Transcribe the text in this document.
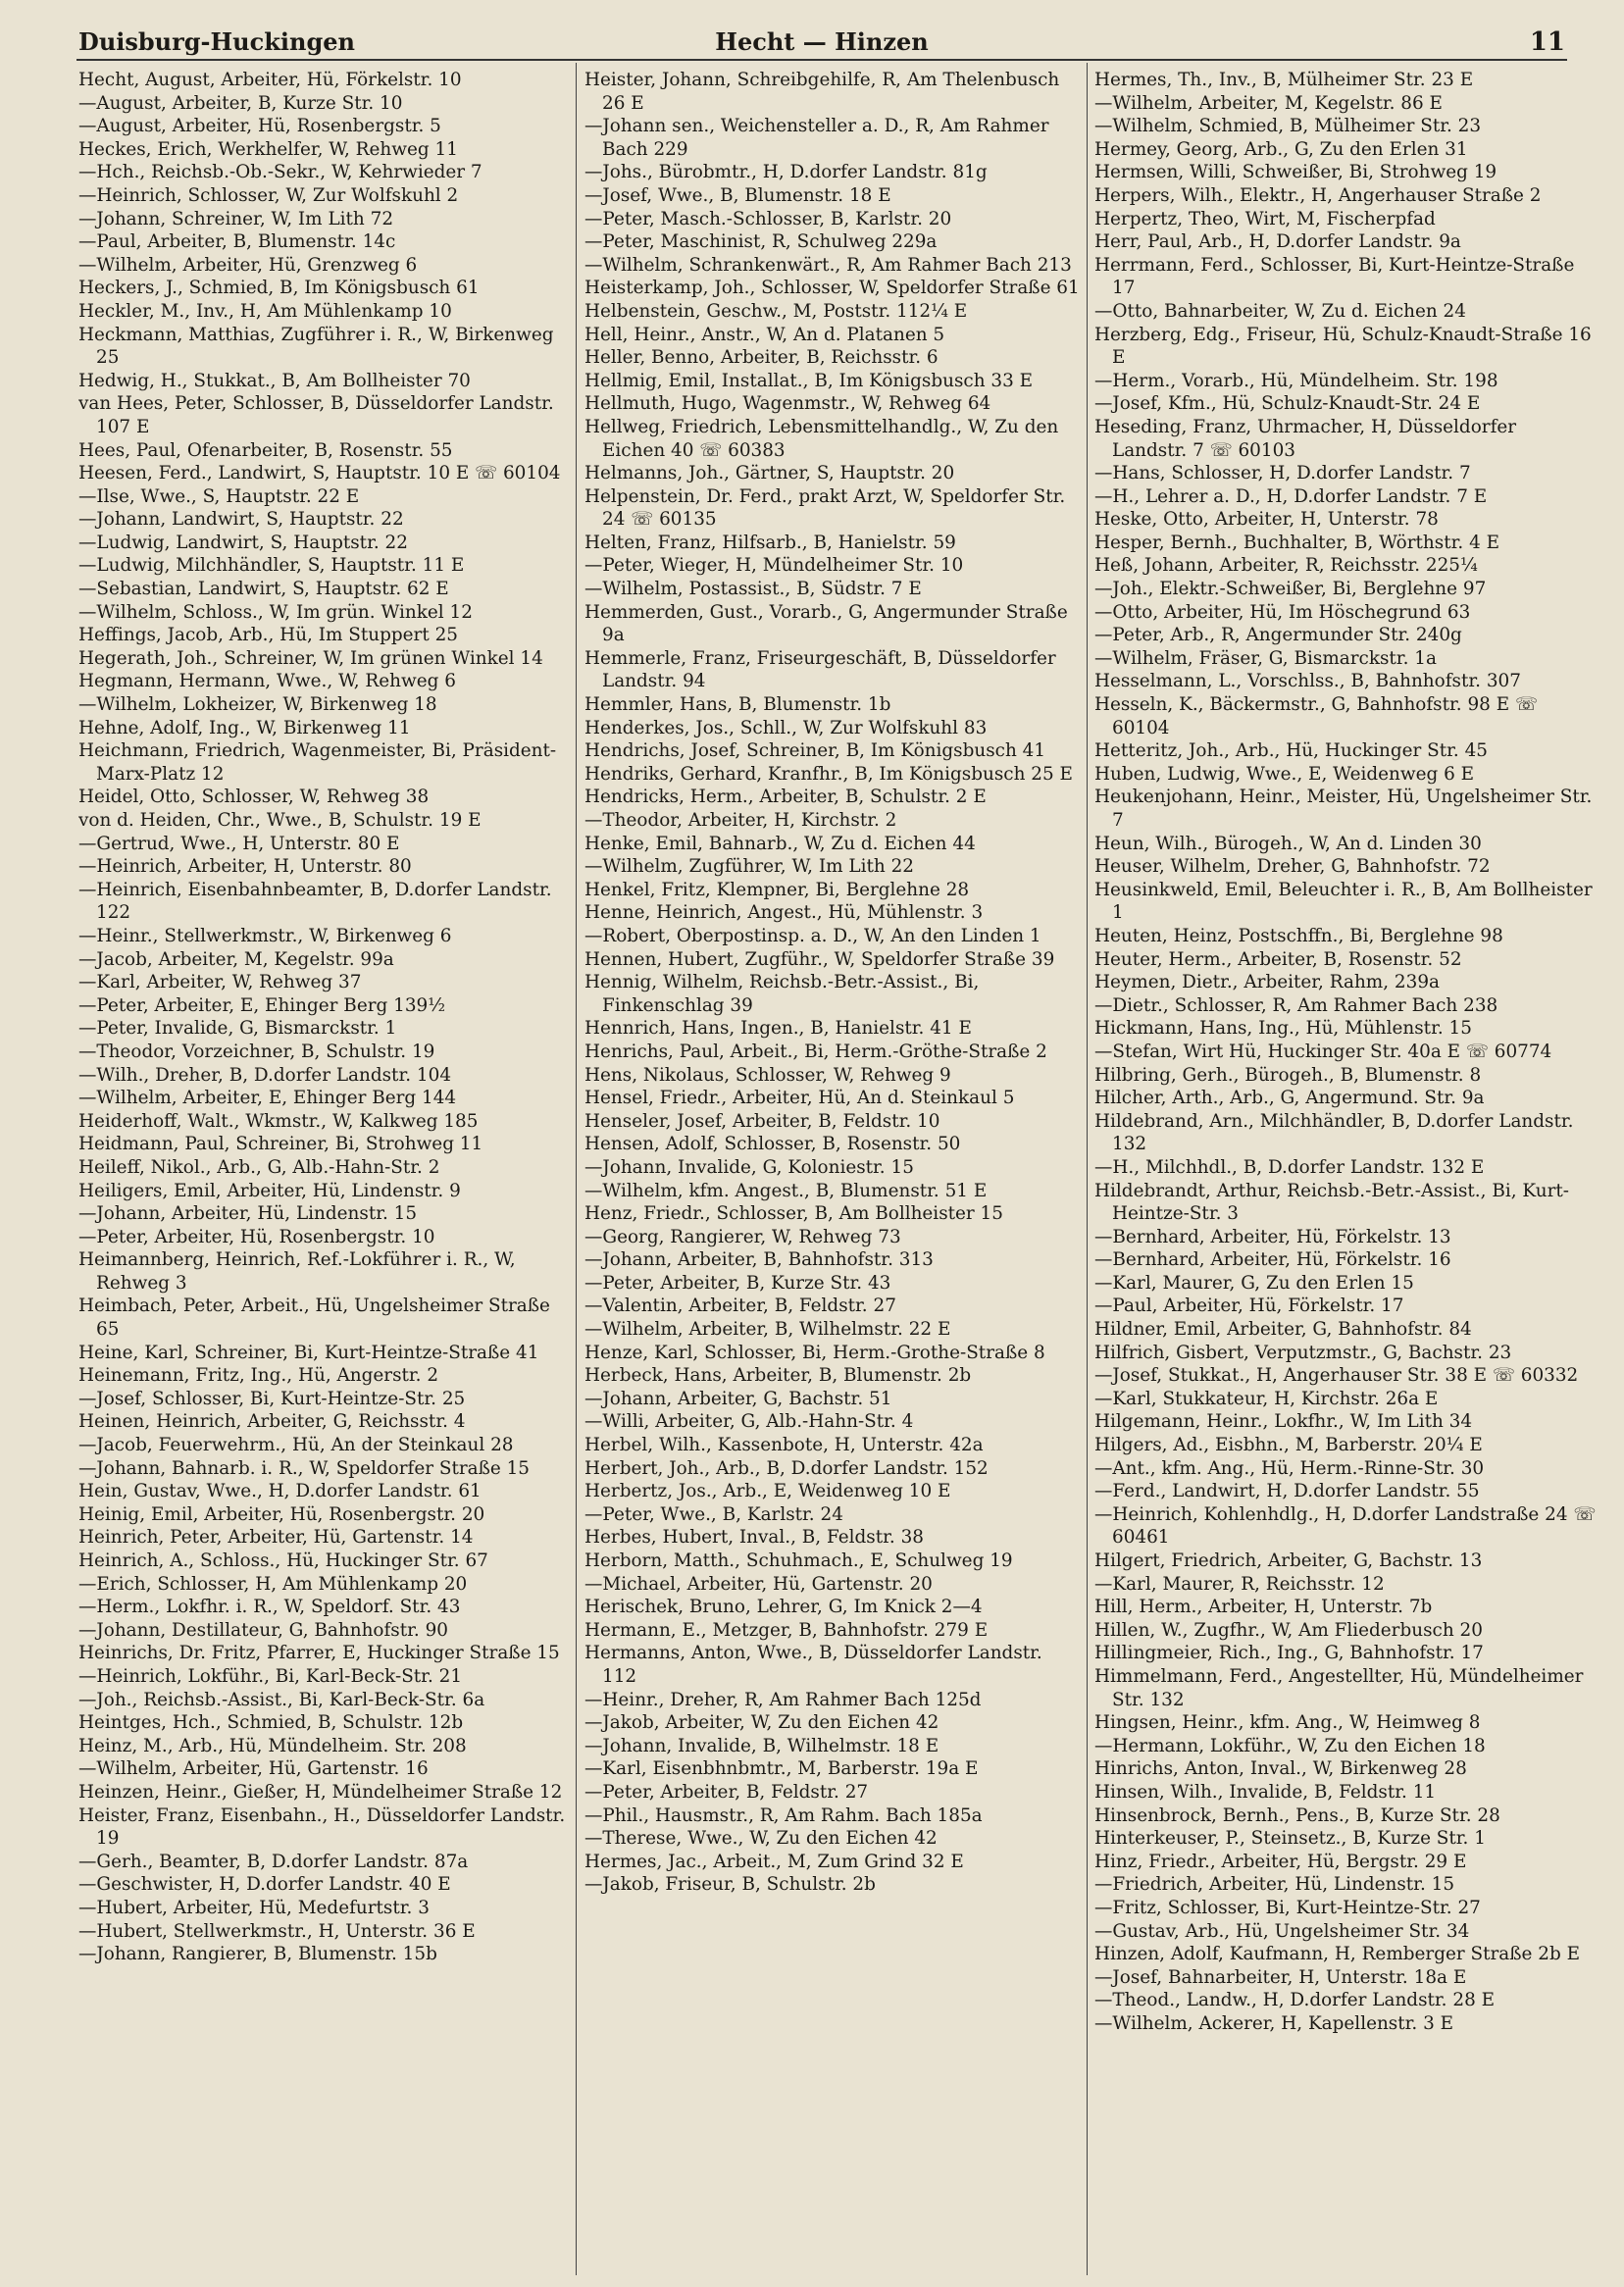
Duisburg-Huckingen	Hecht — Hinzen	11

Hecht, August, Arbeiter, Hü, Förkelstr. 10

—August, Arbeiter, B, Kurze Str. 10

—August, Arbeiter, Hü, Rosenbergstr. 5

Heckes, Erich, Werkhelfer, W, Rehweg 11

—Hch., Reichsb.-Ob.-Sekr., W, Kehrwieder 7

—Heinrich, Schlosser, W, Zur Wolfskuhl 2

—Johann, Schreiner, W, Im Lith 72

—Paul, Arbeiter, B, Blumenstr. 14c

—Wilhelm, Arbeiter, Hü, Grenzweg 6

Heckers, J., Schmied, B, Im Königsbusch 61

Heckler, M., Inv., H, Am Mühlenkamp 10

Heckmann, Matthias, Zugführer i. R., W, Birkenweg 25

Hedwig, H., Stukkat., B, Am Bollheister 70

van Hees, Peter, Schlosser, B, Düsseldorfer Landstr. 107 E

Hees, Paul, Ofenarbeiter, B, Rosenstr. 55

Heesen, Ferd., Landwirt, S, Hauptstr. 10 E ☏ 60104

—Ilse, Wwe., S, Hauptstr. 22 E

—Johann, Landwirt, S, Hauptstr. 22

—Ludwig, Landwirt, S, Hauptstr. 22

—Ludwig, Milchhändler, S, Hauptstr. 11 E

—Sebastian, Landwirt, S, Hauptstr. 62 E

—Wilhelm, Schloss., W, Im grün. Winkel 12

Heffings, Jacob, Arb., Hü, Im Stuppert 25

Hegerath, Joh., Schreiner, W, Im grünen Winkel 14

Hegmann, Hermann, Wwe., W, Rehweg 6

—Wilhelm, Lokheizer, W, Birkenweg 18

Hehne, Adolf, Ing., W, Birkenweg 11

Heichmann, Friedrich, Wagenmeister, Bi, Präsident-Marx-Platz 12

Heidel, Otto, Schlosser, W, Rehweg 38

von d. Heiden, Chr., Wwe., B, Schulstr. 19 E

—Gertrud, Wwe., H, Unterstr. 80 E

—Heinrich, Arbeiter, H, Unterstr. 80

—Heinrich, Eisenbahnbeamter, B, D.dorfer Landstr. 122

—Heinr., Stellwerkmstr., W, Birkenweg 6

—Jacob, Arbeiter, M, Kegelstr. 99a

—Karl, Arbeiter, W, Rehweg 37

—Peter, Arbeiter, E, Ehinger Berg 139½

—Peter, Invalide, G, Bismarckstr. 1

—Theodor, Vorzeichner, B, Schulstr. 19

—Wilh., Dreher, B, D.dorfer Landstr. 104

—Wilhelm, Arbeiter, E, Ehinger Berg 144

Heiderhoff, Walt., Wkmstr., W, Kalkweg 185

Heidmann, Paul, Schreiner, Bi, Strohweg 11

Heileff, Nikol., Arb., G, Alb.-Hahn-Str. 2

Heiligers, Emil, Arbeiter, Hü, Lindenstr. 9

—Johann, Arbeiter, Hü, Lindenstr. 15

—Peter, Arbeiter, Hü, Rosenbergstr. 10

Heimannberg, Heinrich, Ref.-Lokführer i. R., W, Rehweg 3

Heimbach, Peter, Arbeit., Hü, Ungelsheimer Straße 65

Heine, Karl, Schreiner, Bi, Kurt-Heintze-Straße 41

Heinemann, Fritz, Ing., Hü, Angerstr. 2

—Josef, Schlosser, Bi, Kurt-Heintze-Str. 25

Heinen, Heinrich, Arbeiter, G, Reichsstr. 4

—Jacob, Feuerwehrm., Hü, An der Steinkaul 28

—Johann, Bahnarb. i. R., W, Speldorfer Straße 15

Hein, Gustav, Wwe., H, D.dorfer Landstr. 61

Heinig, Emil, Arbeiter, Hü, Rosenbergstr. 20

Heinrich, Peter, Arbeiter, Hü, Gartenstr. 14

Heinrich, A., Schloss., Hü, Huckinger Str. 67

—Erich, Schlosser, H, Am Mühlenkamp 20

—Herm., Lokfhr. i. R., W, Speldorf. Str. 43

—Johann, Destillateur, G, Bahnhofstr. 90

Heinrichs, Dr. Fritz, Pfarrer, E, Huckinger Straße 15

—Heinrich, Lokführ., Bi, Karl-Beck-Str. 21

—Joh., Reichsb.-Assist., Bi, Karl-Beck-Str. 6a

Heintges, Hch., Schmied, B, Schulstr. 12b

Heinz, M., Arb., Hü, Mündelheim. Str. 208

—Wilhelm, Arbeiter, Hü, Gartenstr. 16

Heinzen, Heinr., Gießer, H, Mündelheimer Straße 12

Heister, Franz, Eisenbahn., H., Düsseldorfer Landstr. 19

—Gerh., Beamter, B, D.dorfer Landstr. 87a

—Geschwister, H, D.dorfer Landstr. 40 E

—Hubert, Arbeiter, Hü, Medefurtstr. 3

—Hubert, Stellwerkmstr., H, Unterstr. 36 E

—Johann, Rangierer, B, Blumenstr. 15b

Heister, Johann, Schreibgehilfe, R, Am Thelenbusch 26 E

—Johann sen., Weichensteller a. D., R, Am Rahmer Bach 229

—Johs., Bürobmtr., H, D.dorfer Landstr. 81g

—Josef, Wwe., B, Blumenstr. 18 E

—Peter, Masch.-Schlosser, B, Karlstr. 20

—Peter, Maschinist, R, Schulweg 229a

—Wilhelm, Schrankenwärt., R, Am Rahmer Bach 213

Heisterkamp, Joh., Schlosser, W, Speldorfer Straße 61

Helbenstein, Geschw., M, Poststr. 112¼ E

Hell, Heinr., Anstr., W, An d. Platanen 5

Heller, Benno, Arbeiter, B, Reichsstr. 6

Hellmig, Emil, Installat., B, Im Königsbusch 33 E

Hellmuth, Hugo, Wagenmstr., W, Rehweg 64

Hellweg, Friedrich, Lebensmittelhandlg., W, Zu den Eichen 40 ☏ 60383

Helmanns, Joh., Gärtner, S, Hauptstr. 20

Helpenstein, Dr. Ferd., prakt Arzt, W, Speldorfer Str. 24 ☏ 60135

Helten, Franz, Hilfsarb., B, Hanielstr. 59

—Peter, Wieger, H, Mündelheimer Str. 10

—Wilhelm, Postassist., B, Südstr. 7 E

Hemmerden, Gust., Vorarb., G, Angermunder Straße 9a

Hemmerle, Franz, Friseurgeschäft, B, Düsseldorfer Landstr. 94

Hemmler, Hans, B, Blumenstr. 1b

Henderkes, Jos., Schll., W, Zur Wolfskuhl 83

Hendrichs, Josef, Schreiner, B, Im Königsbusch 41

Hendriks, Gerhard, Kranfhr., B, Im Königsbusch 25 E

Hendricks, Herm., Arbeiter, B, Schulstr. 2 E

—Theodor, Arbeiter, H, Kirchstr. 2

Henke, Emil, Bahnarb., W, Zu d. Eichen 44

—Wilhelm, Zugführer, W, Im Lith 22

Henkel, Fritz, Klempner, Bi, Berglehne 28

Henne, Heinrich, Angest., Hü, Mühlenstr. 3

—Robert, Oberpostinsp. a. D., W, An den Linden 1

Hennen, Hubert, Zugführ., W, Speldorfer Straße 39

Hennig, Wilhelm, Reichsb.-Betr.-Assist., Bi, Finkenschlag 39

Hennrich, Hans, Ingen., B, Hanielstr. 41 E

Henrichs, Paul, Arbeit., Bi, Herm.-Gröthe-Straße 2

Hens, Nikolaus, Schlosser, W, Rehweg 9

Hensel, Friedr., Arbeiter, Hü, An d. Steinkaul 5

Henseler, Josef, Arbeiter, B, Feldstr. 10

Hensen, Adolf, Schlosser, B, Rosenstr. 50

—Johann, Invalide, G, Koloniestr. 15

—Wilhelm, kfm. Angest., B, Blumenstr. 51 E

Henz, Friedr., Schlosser, B, Am Bollheister 15

—Georg, Rangierer, W, Rehweg 73

—Johann, Arbeiter, B, Bahnhofstr. 313

—Peter, Arbeiter, B, Kurze Str. 43

—Valentin, Arbeiter, B, Feldstr. 27

—Wilhelm, Arbeiter, B, Wilhelmstr. 22 E

Henze, Karl, Schlosser, Bi, Herm.-Grothe-Straße 8

Herbeck, Hans, Arbeiter, B, Blumenstr. 2b

—Johann, Arbeiter, G, Bachstr. 51

—Willi, Arbeiter, G, Alb.-Hahn-Str. 4

Herbel, Wilh., Kassenbote, H, Unterstr. 42a

Herbert, Joh., Arb., B, D.dorfer Landstr. 152

Herbertz, Jos., Arb., E, Weidenweg 10 E

—Peter, Wwe., B, Karlstr. 24

Herbes, Hubert, Inval., B, Feldstr. 38

Herborn, Matth., Schuhmach., E, Schulweg 19

—Michael, Arbeiter, Hü, Gartenstr. 20

Herischek, Bruno, Lehrer, G, Im Knick 2—4

Hermann, E., Metzger, B, Bahnhofstr. 279 E

Hermanns, Anton, Wwe., B, Düsseldorfer Landstr. 112

—Heinr., Dreher, R, Am Rahmer Bach 125d

—Jakob, Arbeiter, W, Zu den Eichen 42

—Johann, Invalide, B, Wilhelmstr. 18 E

—Karl, Eisenbhnbmtr., M, Barberstr. 19a E

—Peter, Arbeiter, B, Feldstr. 27

—Phil., Hausmstr., R, Am Rahm. Bach 185a

—Therese, Wwe., W, Zu den Eichen 42

Hermes, Jac., Arbeit., M, Zum Grind 32 E

—Jakob, Friseur, B, Schulstr. 2b

Hermes, Th., Inv., B, Mülheimer Str. 23 E

—Wilhelm, Arbeiter, M, Kegelstr. 86 E

—Wilhelm, Schmied, B, Mülheimer Str. 23

Hermey, Georg, Arb., G, Zu den Erlen 31

Hermsen, Willi, Schweißer, Bi, Strohweg 19

Herpers, Wilh., Elektr., H, Angerhauser Straße 2

Herpertz, Theo, Wirt, M, Fischerpfad

Herr, Paul, Arb., H, D.dorfer Landstr. 9a

Herrmann, Ferd., Schlosser, Bi, Kurt-Heintze-Straße 17

—Otto, Bahnarbeiter, W, Zu d. Eichen 24

Herzberg, Edg., Friseur, Hü, Schulz-Knaudt-Straße 16 E

—Herm., Vorarb., Hü, Mündelheim. Str. 198

—Josef, Kfm., Hü, Schulz-Knaudt-Str. 24 E

Heseding, Franz, Uhrmacher, H, Düsseldorfer Landstr. 7 ☏ 60103

—Hans, Schlosser, H, D.dorfer Landstr. 7

—H., Lehrer a. D., H, D.dorfer Landstr. 7 E

Heske, Otto, Arbeiter, H, Unterstr. 78

Hesper, Bernh., Buchhalter, B, Wörthstr. 4 E

Heß, Johann, Arbeiter, R, Reichsstr. 225¼

—Joh., Elektr.-Schweißer, Bi, Berglehne 97

—Otto, Arbeiter, Hü, Im Höschegrund 63

—Peter, Arb., R, Angermunder Str. 240g

—Wilhelm, Fräser, G, Bismarckstr. 1a

Hesselmann, L., Vorschlss., B, Bahnhofstr. 307

Hesseln, K., Bäckermstr., G, Bahnhofstr. 98 E ☏ 60104

Hetteritz, Joh., Arb., Hü, Huckinger Str. 45

Huben, Ludwig, Wwe., E, Weidenweg 6 E

Heukenjohann, Heinr., Meister, Hü, Ungelsheimer Str. 7

Heun, Wilh., Bürogeh., W, An d. Linden 30

Heuser, Wilhelm, Dreher, G, Bahnhofstr. 72

Heusinkweld, Emil, Beleuchter i. R., B, Am Bollheister 1

Heuten, Heinz, Postschffn., Bi, Berglehne 98

Heuter, Herm., Arbeiter, B, Rosenstr. 52

Heymen, Dietr., Arbeiter, Rahm, 239a

—Dietr., Schlosser, R, Am Rahmer Bach 238

Hickmann, Hans, Ing., Hü, Mühlenstr. 15

—Stefan, Wirt Hü, Huckinger Str. 40a E ☏ 60774

Hilbring, Gerh., Bürogeh., B, Blumenstr. 8

Hilcher, Arth., Arb., G, Angermund. Str. 9a

Hildebrand, Arn., Milchhändler, B, D.dorfer Landstr. 132

—H., Milchhdl., B, D.dorfer Landstr. 132 E

Hildebrandt, Arthur, Reichsb.-Betr.-Assist., Bi, Kurt-Heintze-Str. 3

—Bernhard, Arbeiter, Hü, Förkelstr. 13

—Bernhard, Arbeiter, Hü, Förkelstr. 16

—Karl, Maurer, G, Zu den Erlen 15

—Paul, Arbeiter, Hü, Förkelstr. 17

Hildner, Emil, Arbeiter, G, Bahnhofstr. 84

Hilfrich, Gisbert, Verputzmstr., G, Bachstr. 23

—Josef, Stukkat., H, Angerhauser Str. 38 E ☏ 60332

—Karl, Stukkateur, H, Kirchstr. 26a E

Hilgemann, Heinr., Lokfhr., W, Im Lith 34

Hilgers, Ad., Eisbhn., M, Barberstr. 20¼ E

—Ant., kfm. Ang., Hü, Herm.-Rinne-Str. 30

—Ferd., Landwirt, H, D.dorfer Landstr. 55

—Heinrich, Kohlenhdlg., H, D.dorfer Landstraße 24 ☏ 60461

Hilgert, Friedrich, Arbeiter, G, Bachstr. 13

—Karl, Maurer, R, Reichsstr. 12

Hill, Herm., Arbeiter, H, Unterstr. 7b

Hillen, W., Zugfhr., W, Am Fliederbusch 20

Hillingmeier, Rich., Ing., G, Bahnhofstr. 17

Himmelmann, Ferd., Angestellter, Hü, Mündelheimer Str. 132

Hingsen, Heinr., kfm. Ang., W, Heimweg 8

—Hermann, Lokführ., W, Zu den Eichen 18

Hinrichs, Anton, Inval., W, Birkenweg 28

Hinsen, Wilh., Invalide, B, Feldstr. 11

Hinsenbrock, Bernh., Pens., B, Kurze Str. 28

Hinterkeuser, P., Steinsetz., B, Kurze Str. 1

Hinz, Friedr., Arbeiter, Hü, Bergstr. 29 E

—Friedrich, Arbeiter, Hü, Lindenstr. 15

—Fritz, Schlosser, Bi, Kurt-Heintze-Str. 27

—Gustav, Arb., Hü, Ungelsheimer Str. 34

Hinzen, Adolf, Kaufmann, H, Remberger Straße 2b E

—Josef, Bahnarbeiter, H, Unterstr. 18a E

—Theod., Landw., H, D.dorfer Landstr. 28 E

—Wilhelm, Ackerer, H, Kapellenstr. 3 E
